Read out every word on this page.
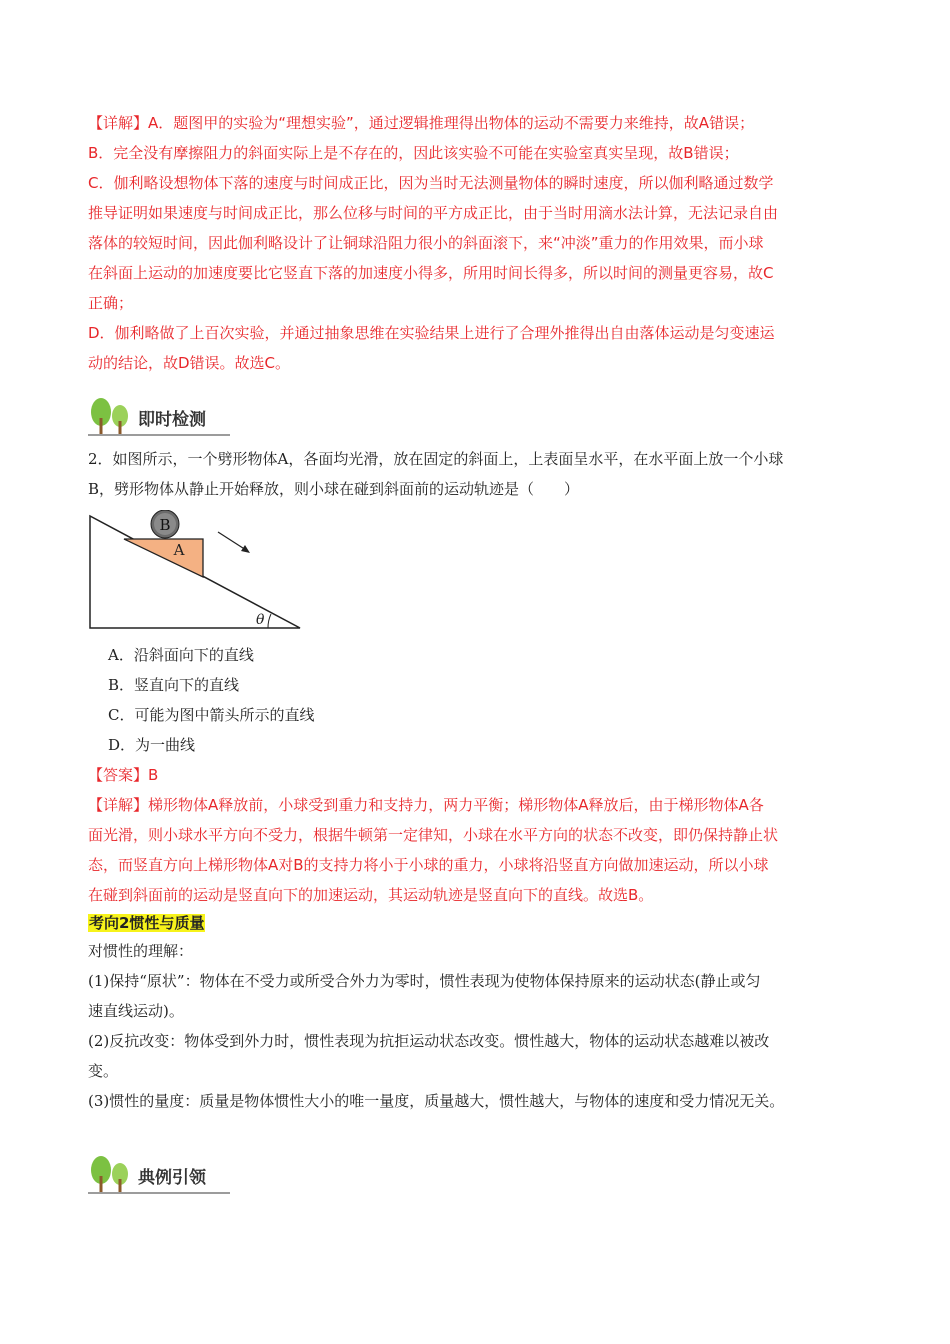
【详解】A．题图甲的实验为“理想实验”，通过逻辑推理得出物体的运动不需要力来维持，故A错误；

B．完全没有摩擦阻力的斜面实际上是不存在的，因此该实验不可能在实验室真实呈现，故B错误；

C．伽利略设想物体下落的速度与时间成正比，因为当时无法测量物体的瞬时速度，所以伽利略通过数学

推导证明如果速度与时间成正比，那么位移与时间的平方成正比，由于当时用滴水法计算，无法记录自由

落体的较短时间，因此伽利略设计了让铜球沿阻力很小的斜面滚下，来“冲淡”重力的作用效果，而小球

在斜面上运动的加速度要比它竖直下落的加速度小得多，所用时间长得多，所以时间的测量更容易，故C

正确；

D．伽利略做了上百次实验，并通过抽象思维在实验结果上进行了合理外推得出自由落体运动是匀变速运

动的结论，故D错误。故选C。

即时检测

2．如图所示，一个劈形物体A，各面均光滑，放在固定的斜面上，上表面呈水平，在水平面上放一个小球

B，劈形物体从静止开始释放，则小球在碰到斜面前的运动轨迹是（　　）

A
B
θ

A．沿斜面向下的直线

B．竖直向下的直线

C．可能为图中箭头所示的直线

D．为一曲线

【答案】B

【详解】梯形物体A释放前，小球受到重力和支持力，两力平衡；梯形物体A释放后，由于梯形物体A各

面光滑，则小球水平方向不受力，根据牛顿第一定律知，小球在水平方向的状态不改变，即仍保持静止状

态，而竖直方向上梯形物体A对B的支持力将小于小球的重力，小球将沿竖直方向做加速运动，所以小球

在碰到斜面前的运动是竖直向下的加速运动，其运动轨迹是竖直向下的直线。故选B。

考向2惯性与质量

对惯性的理解：

(1)保持“原状”：物体在不受力或所受合外力为零时，惯性表现为使物体保持原来的运动状态(静止或匀

速直线运动)。

(2)反抗改变：物体受到外力时，惯性表现为抗拒运动状态改变。惯性越大，物体的运动状态越难以被改

变。

(3)惯性的量度：质量是物体惯性大小的唯一量度，质量越大，惯性越大，与物体的速度和受力情况无关。

典例引领
